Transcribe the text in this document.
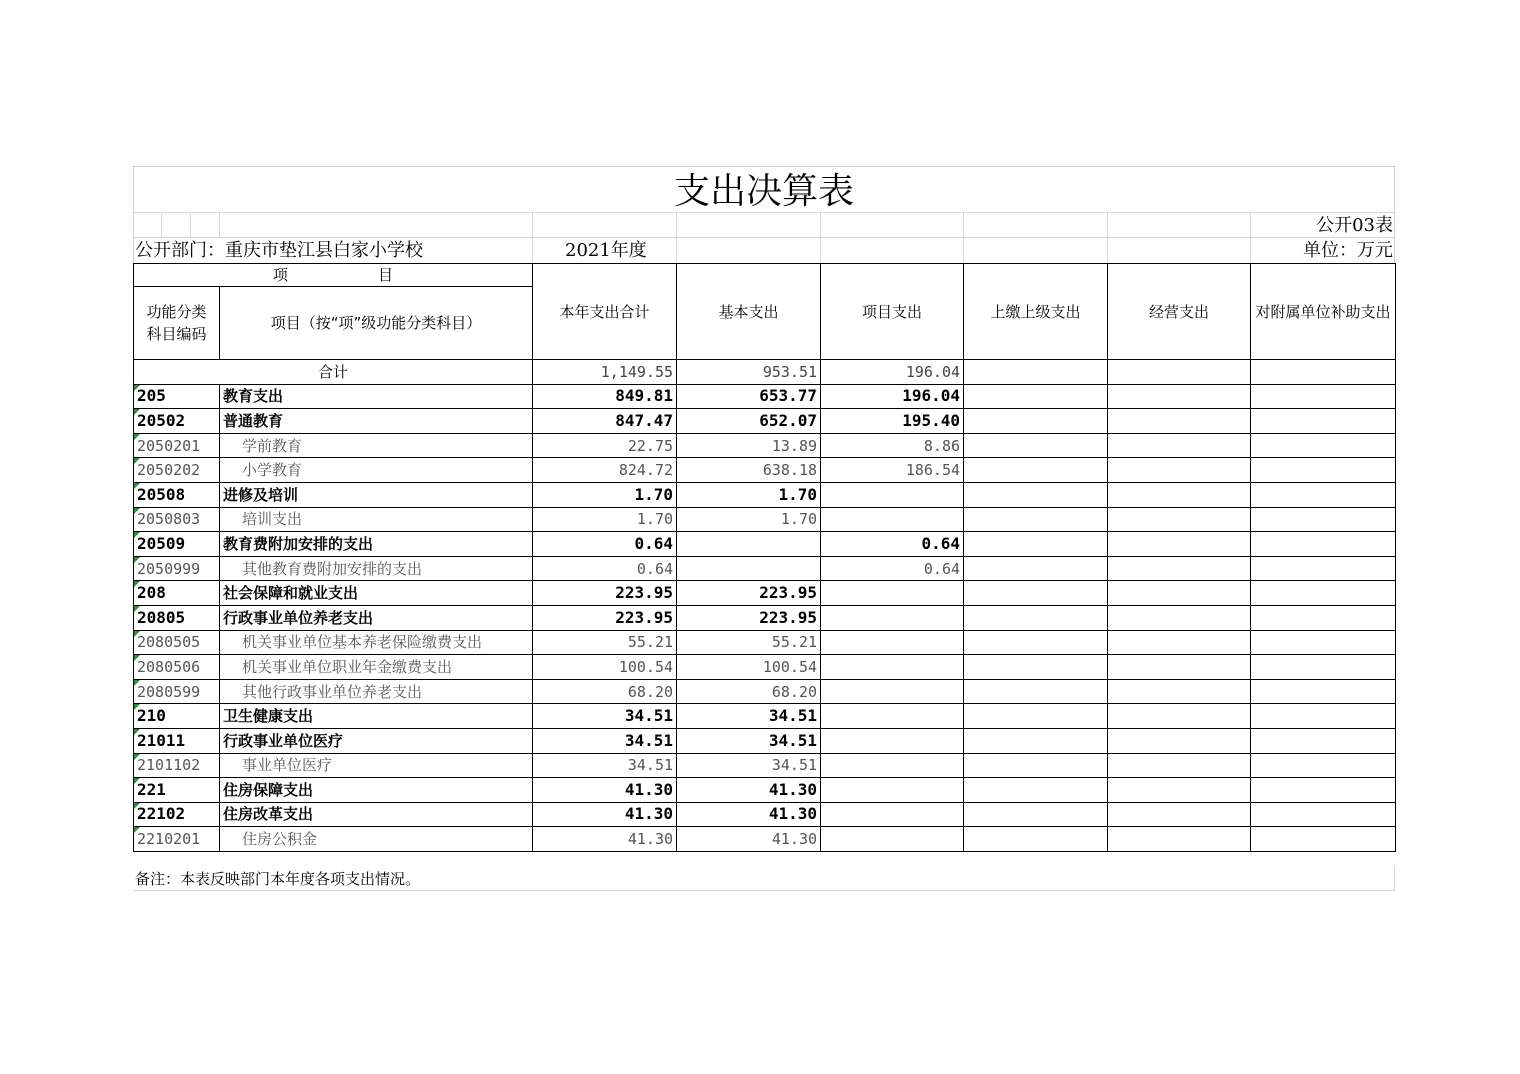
支出决算表
公开03表
公开部门：重庆市垫江县白家小学校	2021年度	单位：万元
项　　　　　　目		本年支出合计	基本支出	项目支出	上缴上级支出	经营支出	对附属单位补助支出
功能分类科目编码	项目（按“项”级功能分类科目）						
合计		1,149.55	953.51	196.04			
205	教育支出	849.81	653.77	196.04			
20502	普通教育	847.47	652.07	195.40			
2050201	学前教育	22.75	13.89	8.86			
2050202	小学教育	824.72	638.18	186.54			
20508	进修及培训	1.70	1.70				
2050803	培训支出	1.70	1.70				
20509	教育费附加安排的支出	0.64		0.64			
2050999	其他教育费附加安排的支出	0.64		0.64			
208	社会保障和就业支出	223.95	223.95				
20805	行政事业单位养老支出	223.95	223.95				
2080505	机关事业单位基本养老保险缴费支出	55.21	55.21				
2080506	机关事业单位职业年金缴费支出	100.54	100.54				
2080599	其他行政事业单位养老支出	68.20	68.20				
210	卫生健康支出	34.51	34.51				
21011	行政事业单位医疗	34.51	34.51				
2101102	事业单位医疗	34.51	34.51				
221	住房保障支出	41.30	41.30				
22102	住房改革支出	41.30	41.30				
2210201	住房公积金	41.30	41.30				
备注：本表反映部门本年度各项支出情况。
